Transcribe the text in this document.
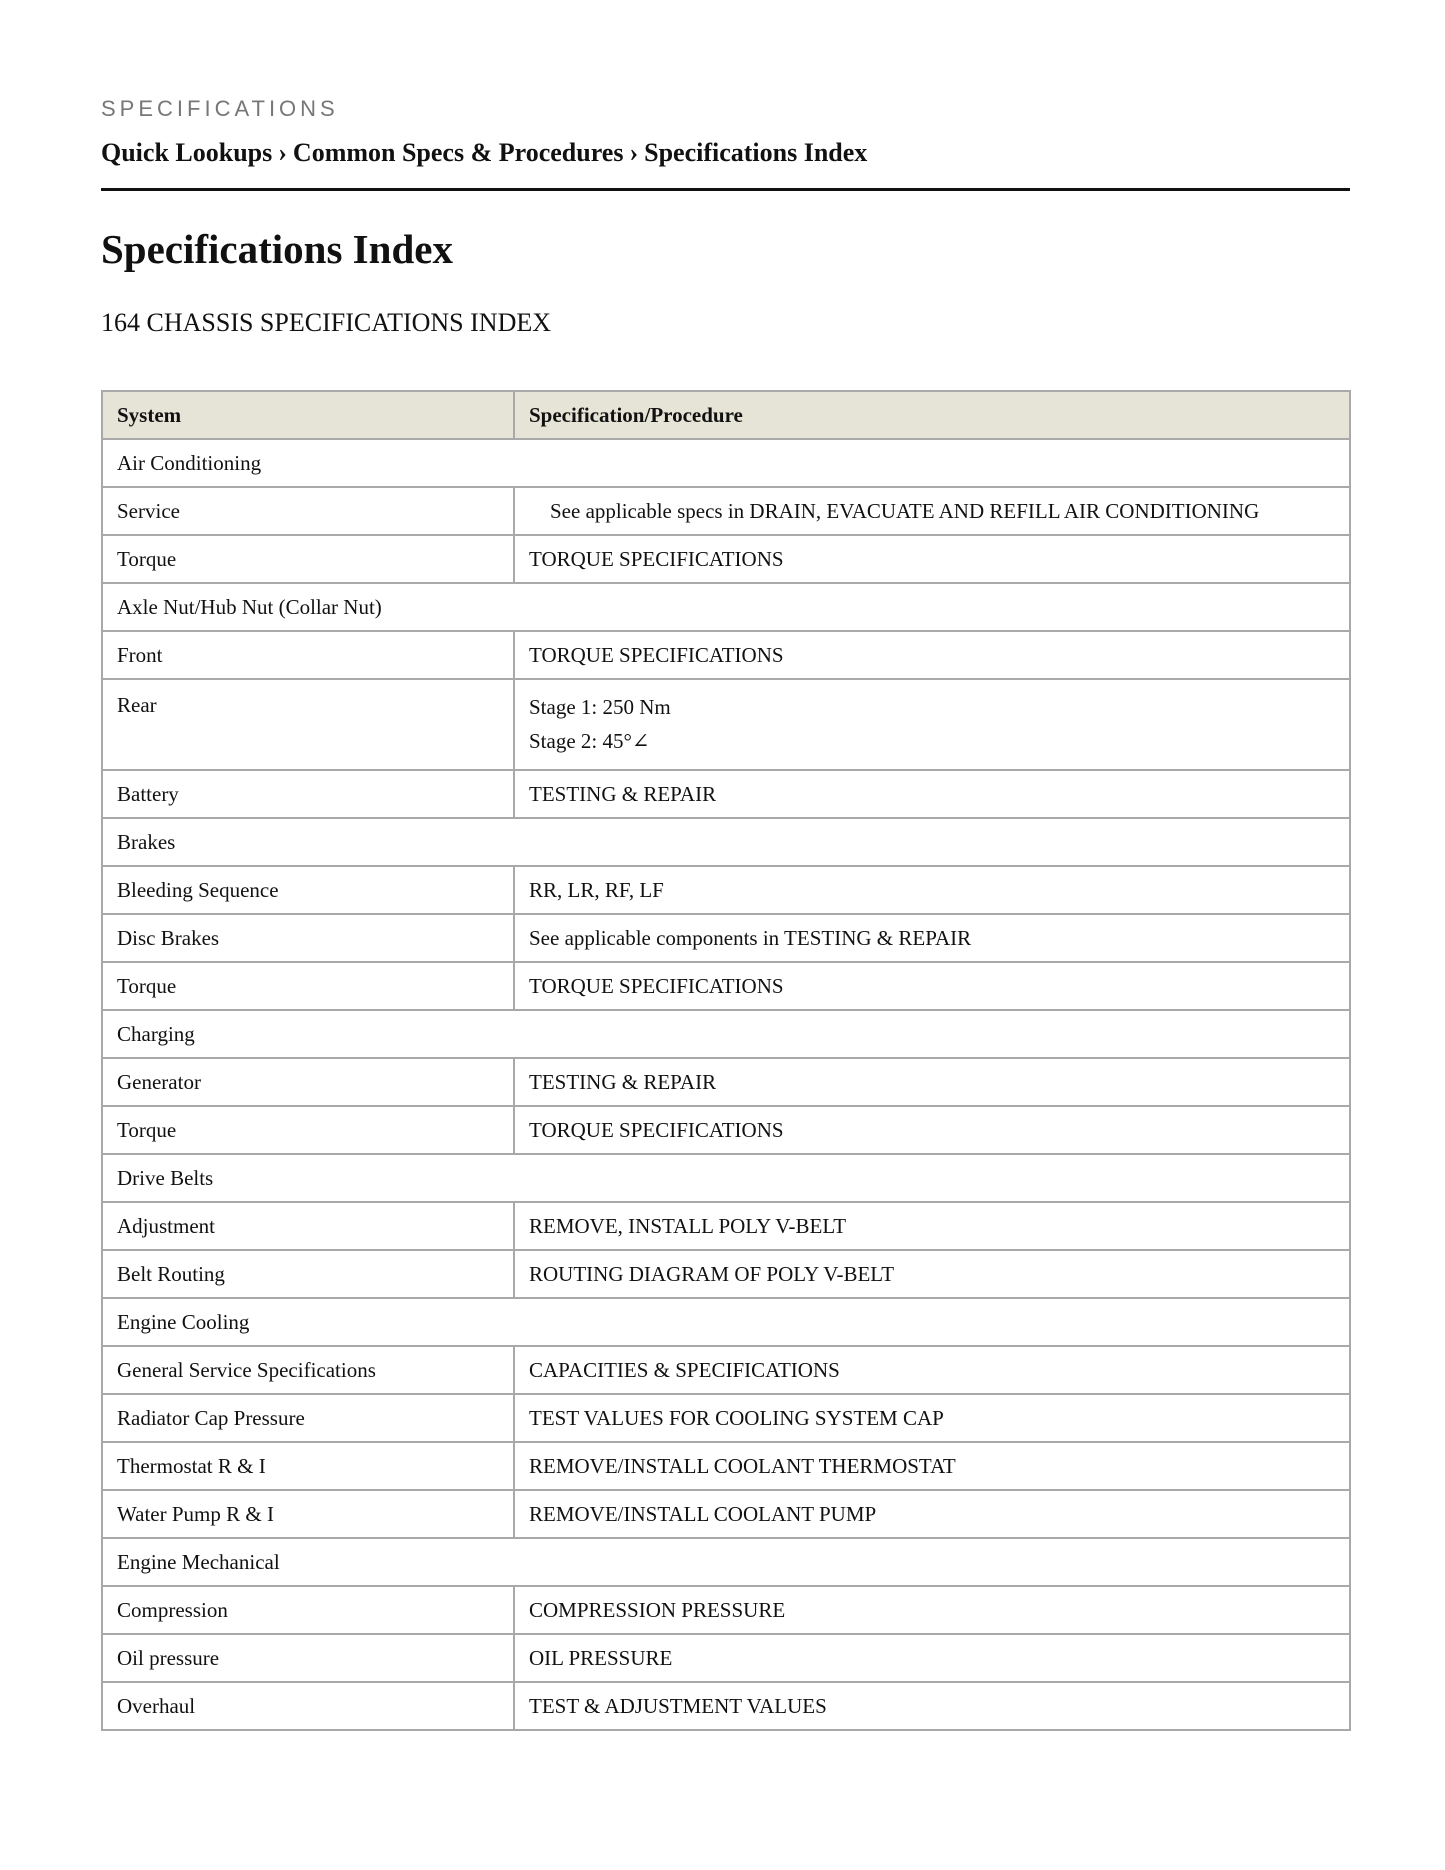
SPECIFICATIONS
Quick Lookups › Common Specs & Procedures › Specifications Index
Specifications Index
164 CHASSIS SPECIFICATIONS INDEX
System	Specification/Procedure
Air Conditioning	
Service	See applicable specs in DRAIN, EVACUATE AND REFILL AIR CONDITIONING
Torque	TORQUE SPECIFICATIONS
Axle Nut/Hub Nut (Collar Nut)	
Front	TORQUE SPECIFICATIONS

Rear	Stage 1: 250 Nm
Stage 2: 45°∠

Battery	TESTING & REPAIR
Brakes	
Bleeding Sequence	RR, LR, RF, LF
Disc Brakes	See applicable components in TESTING & REPAIR
Torque	TORQUE SPECIFICATIONS
Charging	
Generator	TESTING & REPAIR
Torque	TORQUE SPECIFICATIONS
Drive Belts	
Adjustment	REMOVE, INSTALL POLY V-BELT
Belt Routing	ROUTING DIAGRAM OF POLY V-BELT
Engine Cooling	
General Service Specifications	CAPACITIES & SPECIFICATIONS
Radiator Cap Pressure	TEST VALUES FOR COOLING SYSTEM CAP
Thermostat R & I	REMOVE/INSTALL COOLANT THERMOSTAT
Water Pump R & I	REMOVE/INSTALL COOLANT PUMP
Engine Mechanical	
Compression	COMPRESSION PRESSURE
Oil pressure	OIL PRESSURE
Overhaul	TEST & ADJUSTMENT VALUES
